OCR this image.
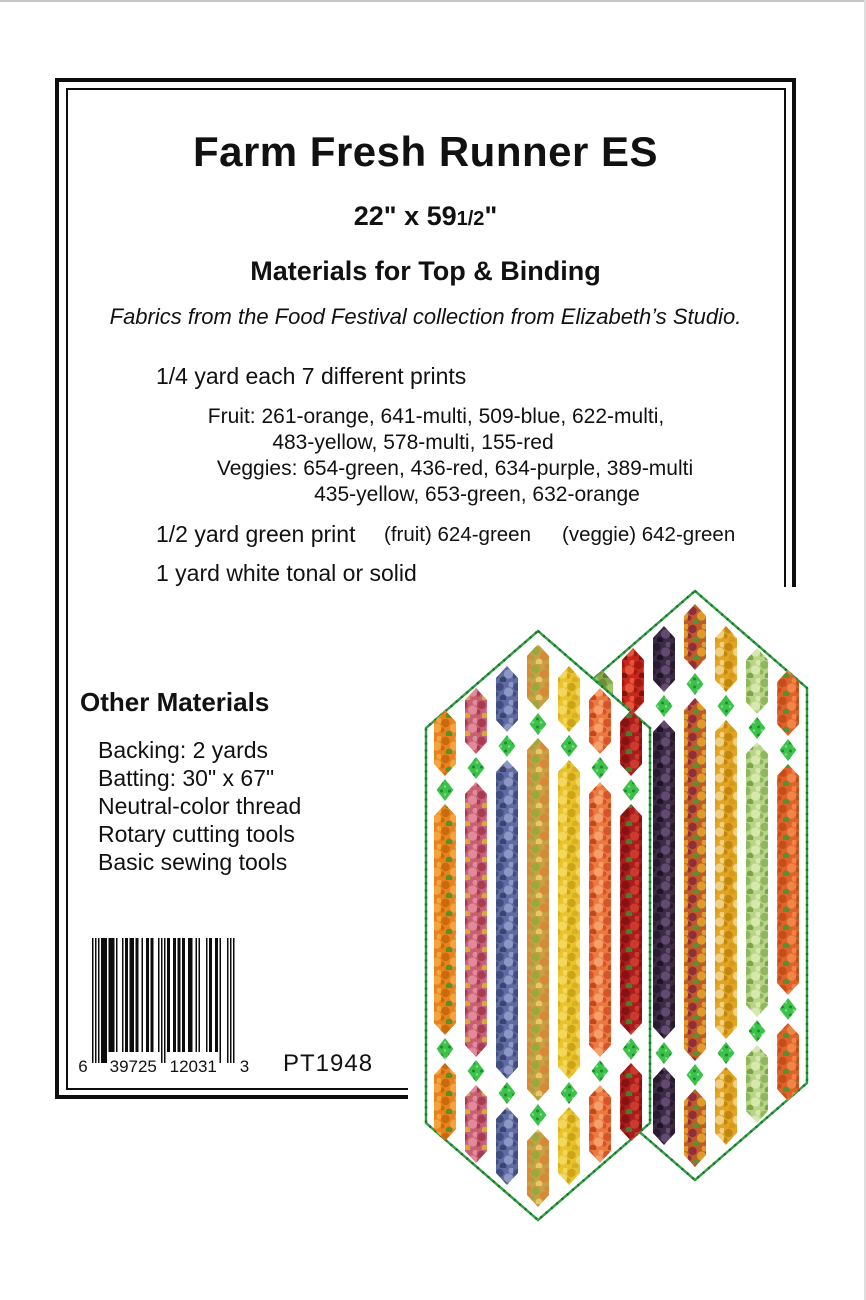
Farm Fresh Runner ES
22" x 591/2"
Materials for Top & Binding
Fabrics from the Food Festival collection from Elizabeth’s Studio.
1/4 yard each 7 different prints
Fruit: 261-orange, 641-multi, 509-blue, 622-multi,
483-yellow, 578-multi, 155-red
Veggies: 654-green, 436-red, 634-purple, 389-multi
435-yellow, 653-green, 632-orange
1/2 yard green print (fruit) 624-green (veggie) 642-green
1 yard white tonal or solid
Other Materials
Backing: 2 yards
Batting: 30" x 67"
Neutral-color thread
Rotary cutting tools
Basic sewing tools
6 39725 12031 3 PT1948
